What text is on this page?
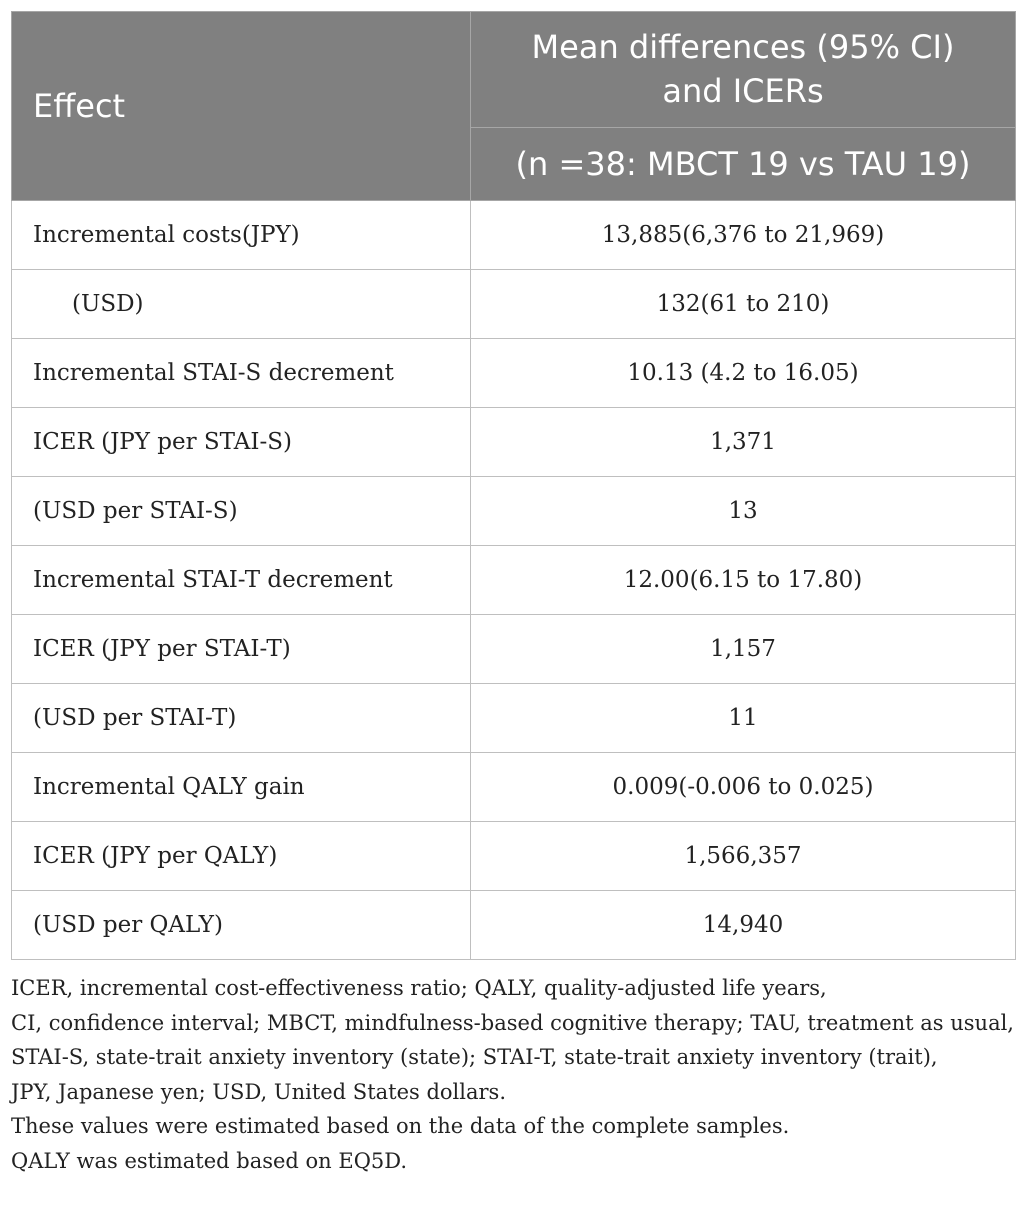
Effect	Mean differences (95% CI)
and ICERs

	(n =38: MBCT 19 vs TAU 19)
Incremental costs(JPY)	13,885(6,376 to 21,969)
(USD)	132(61 to 210)
Incremental STAI-S decrement	10.13 (4.2 to 16.05)
ICER (JPY per STAI-S)	1,371
(USD per STAI-S)	13
Incremental STAI-T decrement	12.00(6.15 to 17.80)
ICER (JPY per STAI-T)	1,157
(USD per STAI-T)	11
Incremental QALY gain	0.009(-0.006 to 0.025)
ICER (JPY per QALY)	1,566,357
(USD per QALY)	14,940

ICER, incremental cost-effectiveness ratio; QALY, quality-adjusted life years,

CI, confidence interval; MBCT, mindfulness-based cognitive therapy; TAU, treatment as usual,

STAI-S, state-trait anxiety inventory (state); STAI-T, state-trait anxiety inventory (trait),

JPY, Japanese yen; USD, United States dollars.

These values were estimated based on the data of the complete samples.

QALY was estimated based on EQ5D.
